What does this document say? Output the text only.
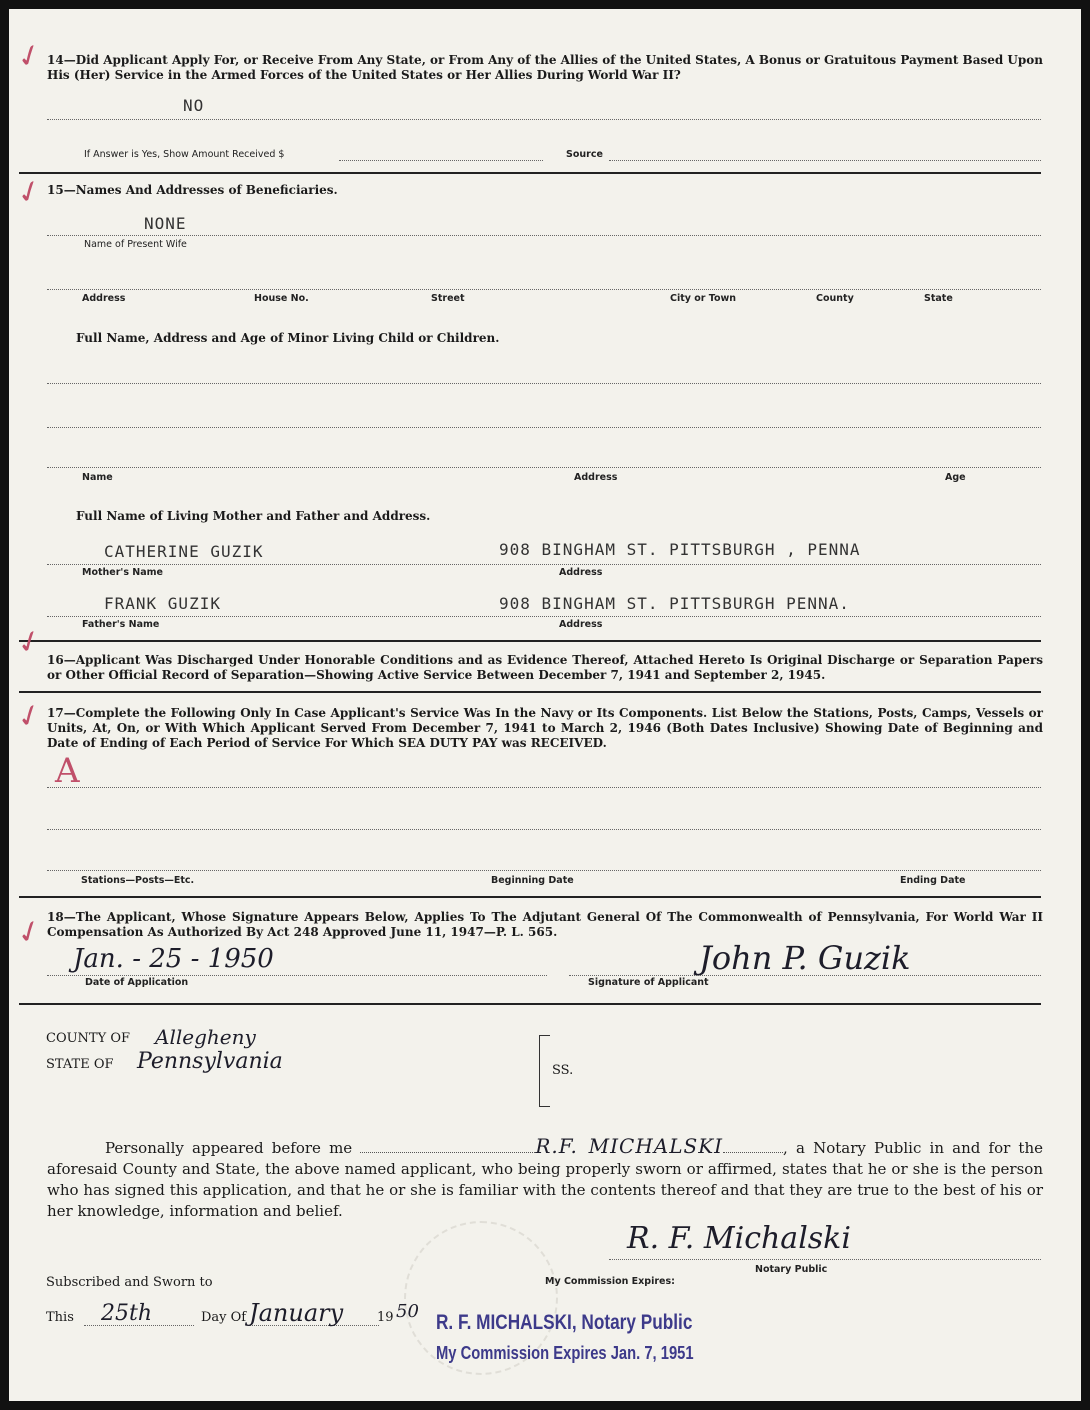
✓ 14—Did Applicant Apply For, or Receive From Any State, or From Any of the Allies of the United States, A Bonus or Gratuitous Payment Based Upon His (Her) Service in the Armed Forces of the United States or Her Allies During World War II?
NO
If Answer is Yes, Show Amount Received $	Source
✓ 15—Names And Addresses of Beneficiaries.
NONE
Name of Present Wife
Address	House No.	Street	City or Town	County	State
Full Name, Address and Age of Minor Living Child or Children.
Name	Address	Age
Full Name of Living Mother and Father and Address.
CATHERINE GUZIK	908 BINGHAM ST. PITTSBURGH , PENNA
Mother's Name	Address
FRANK GUZIK	908 BINGHAM ST. PITTSBURGH PENNA.
Father's Name	Address
✓ 16—Applicant Was Discharged Under Honorable Conditions and as Evidence Thereof, Attached Hereto Is Original Discharge or Separation Papers or Other Official Record of Separation—Showing Active Service Between December 7, 1941 and September 2, 1945.
✓ 17—Complete the Following Only In Case Applicant's Service Was In the Navy or Its Components. List Below the Stations, Posts, Camps, Vessels or Units, At, On, or With Which Applicant Served From December 7, 1941 to March 2, 1946 (Both Dates Inclusive) Showing Date of Beginning and Date of Ending of Each Period of Service For Which SEA DUTY PAY was RECEIVED.
A
Stations—Posts—Etc.	Beginning Date	Ending Date
✓ 18—The Applicant, Whose Signature Appears Below, Applies To The Adjutant General Of The Commonwealth of Pennsylvania, For World War II Compensation As Authorized By Act 248 Approved June 11, 1947—P. L. 565.
Jan. - 25 - 1950
Date of Application
John P. Guzik
Signature of Applicant
COUNTY OF Allegheny
STATE OF Pennsylvania	SS.
Personally appeared before me	R.F. MICHALSKI	, a Notary Public in and for the aforesaid County and State, the above named applicant, who being properly sworn or affirmed, states that he or she is the person who has signed this application, and that he or she is familiar with the contents thereof and that they are true to the best of his or her knowledge, information and belief.
R. F. Michalski
Notary Public
Subscribed and Sworn to	My Commission Expires:
This 25th	Day Of January	19 50 R. F. MICHALSKI, Notary Public
My Commission Expires Jan. 7, 1951
